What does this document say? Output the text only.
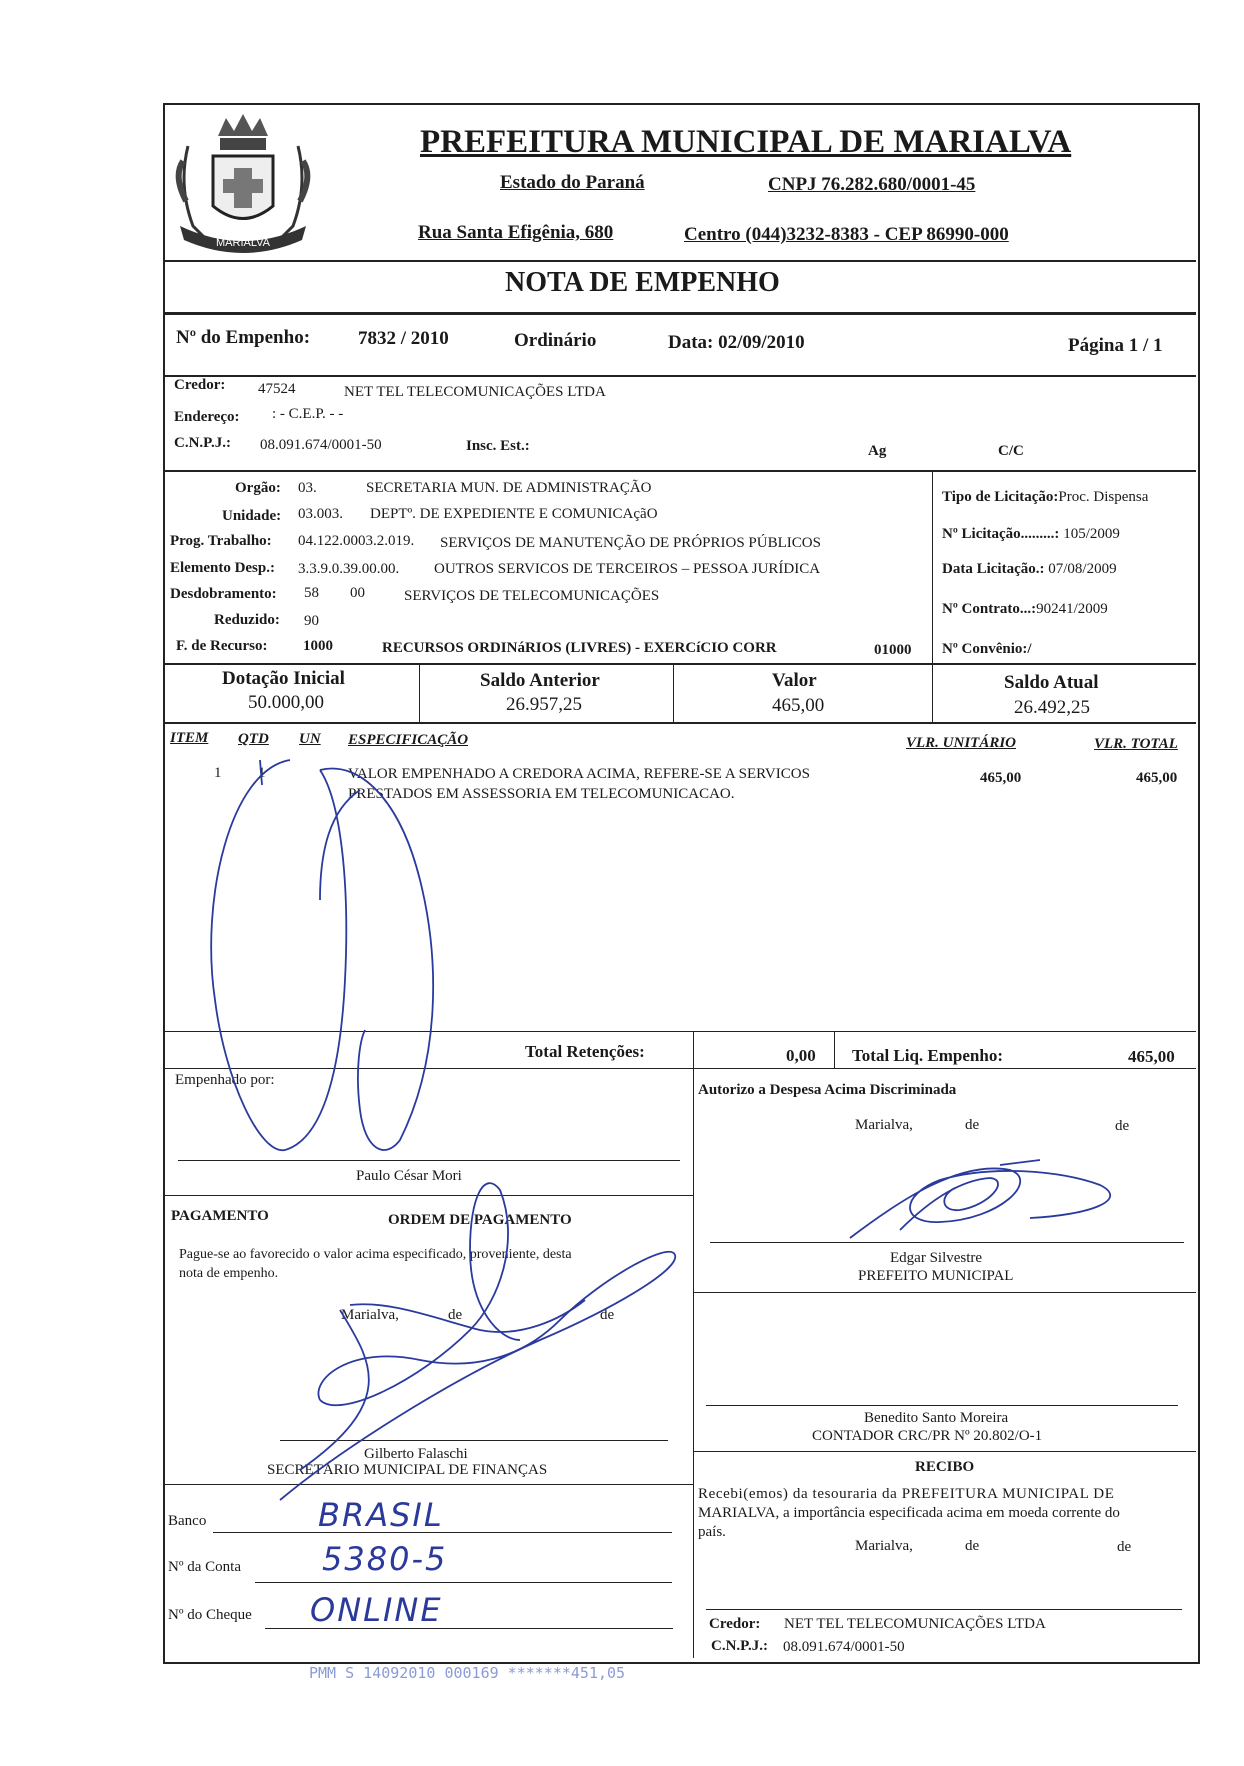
MARIALVA
PREFEITURA MUNICIPAL DE MARIALVA
Estado do Paraná	CNPJ 76.282.680/0001-45
Rua Santa Efigênia, 680	Centro (044)3232-8383 - CEP 86990-000
NOTA DE EMPENHO
Nº do Empenho:	7832 / 2010	Ordinário	Data: 02/09/2010	Página 1 / 1
Credor: 47524	NET TEL TELECOMUNICAÇÕES LTDA
Endereço: : - C.E.P. - -
C.N.P.J.: 08.091.674/0001-50	Insc. Est.:	Ag	C/C
Orgão: 03.	SECRETARIA MUN. DE ADMINISTRAÇÃO
Unidade: 03.003. DEPTº. DE EXPEDIENTE E COMUNICAçãO
Prog. Trabalho: 04.122.0003.2.019. SERVIÇOS DE MANUTENÇÃO DE PRÓPRIOS PÚBLICOS
Elemento Desp.: 3.3.9.0.39.00.00. OUTROS SERVICOS DE TERCEIROS – PESSOA JURÍDICA
Desdobramento: 58 00	SERVIÇOS DE TELECOMUNICAÇÕES
Reduzido: 90
F. de Recurso: 1000	RECURSOS ORDINáRIOS (LIVRES) - EXERCíCIO CORR	01000
Tipo de Licitação:Proc. Dispensa
Nº Licitação.........: 105/2009
Data Licitação.: 07/08/2009
Nº Contrato...:90241/2009
Nº Convênio:/
Dotação Inicial
50.000,00
Saldo Anterior
26.957,25
Valor
465,00
Saldo Atual
26.492,25
ITEM QTD UN ESPECIFICAÇÃO	VLR. UNITÁRIO	VLR. TOTAL
1 1	VALOR EMPENHADO A CREDORA ACIMA, REFERE-SE A SERVICOS
PRESTADOS EM ASSESSORIA EM TELECOMUNICACAO.
465,00	465,00
Total Retenções:	0,00 Total Liq. Empenho:	465,00
Empenhado por:
Paulo César Mori
Autorizo a Despesa Acima Discriminada
Marialva,	de	de
Edgar Silvestre
PREFEITO MUNICIPAL
PAGAMENTO	ORDEM DE PAGAMENTO
Pague-se ao favorecido o valor acima especificado, proveniente, desta
nota de empenho.
Marialva,	de	de
Gilberto Falaschi
SECRETÁRIO MUNICIPAL DE FINANÇAS
Benedito Santo Moreira
CONTADOR CRC/PR Nº 20.802/O-1
RECIBO
Recebi(emos) da tesouraria da PREFEITURA MUNICIPAL DE
MARIALVA, a importância especificada acima em moeda corrente do
país.
Marialva,	de	de
Credor: NET TEL TELECOMUNICAÇÕES LTDA
C.N.P.J.: 08.091.674/0001-50
Banco	BRASIL
Nº da Conta	5380-5
Nº do Cheque ONLINE
PMM S 14092010 000169 *******451,05
